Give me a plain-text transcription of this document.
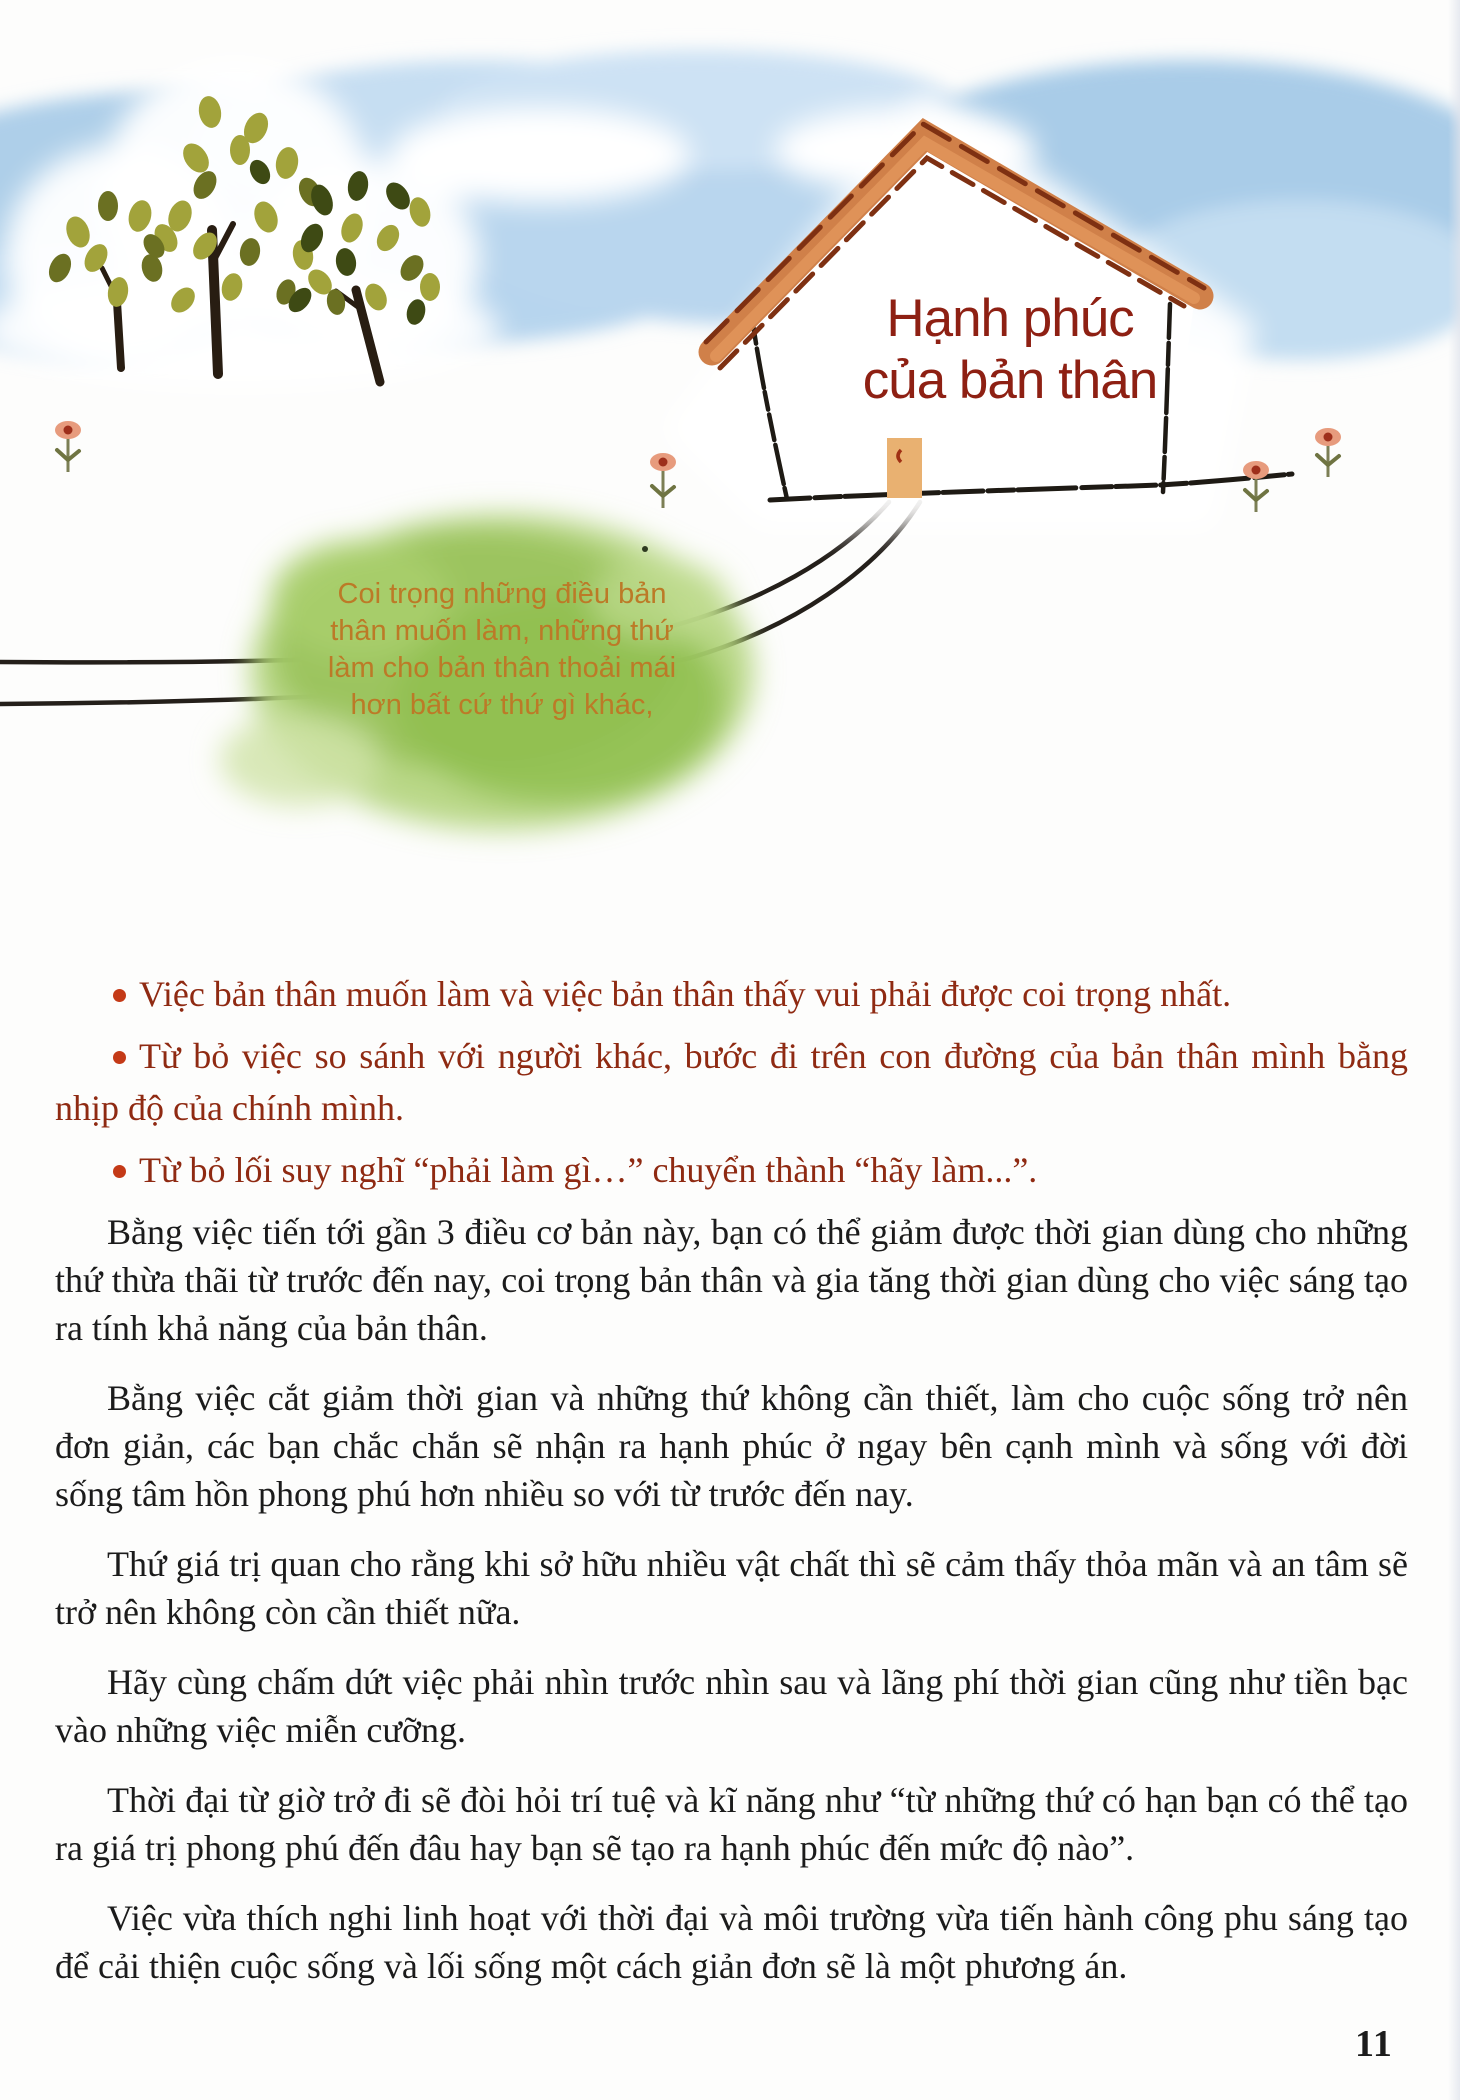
Hạnh phúc
của bản thân
Coi trọng những điều bản
thân muốn làm, những thứ
làm cho bản thân thoải mái
hơn bất cứ thứ gì khác,
Việc bản thân muốn làm và việc bản thân thấy vui phải được coi trọng nhất.
Từ bỏ việc so sánh với người khác, bước đi trên con đường của bản thân mình bằng nhịp độ của chính mình.
Từ bỏ lối suy nghĩ “phải làm gì…” chuyển thành “hãy làm...”.

Bằng việc tiến tới gần 3 điều cơ bản này, bạn có thể giảm được thời gian dùng cho những thứ thừa thãi từ trước đến nay, coi trọng bản thân và gia tăng thời gian dùng cho việc sáng tạo ra tính khả năng của bản thân.

Bằng việc cắt giảm thời gian và những thứ không cần thiết, làm cho cuộc sống trở nên đơn giản, các bạn chắc chắn sẽ nhận ra hạnh phúc ở ngay bên cạnh mình và sống với đời sống tâm hồn phong phú hơn nhiều so với từ trước đến nay.

Thứ giá trị quan cho rằng khi sở hữu nhiều vật chất thì sẽ cảm thấy thỏa mãn và an tâm sẽ trở nên không còn cần thiết nữa.

Hãy cùng chấm dứt việc phải nhìn trước nhìn sau và lãng phí thời gian cũng như tiền bạc vào những việc miễn cưỡng.

Thời đại từ giờ trở đi sẽ đòi hỏi trí tuệ và kĩ năng như “từ những thứ có hạn bạn có thể tạo ra giá trị phong phú đến đâu hay bạn sẽ tạo ra hạnh phúc đến mức độ nào”.

Việc vừa thích nghi linh hoạt với thời đại và môi trường vừa tiến hành công phu sáng tạo để cải thiện cuộc sống và lối sống một cách giản đơn sẽ là một phương án.

11
